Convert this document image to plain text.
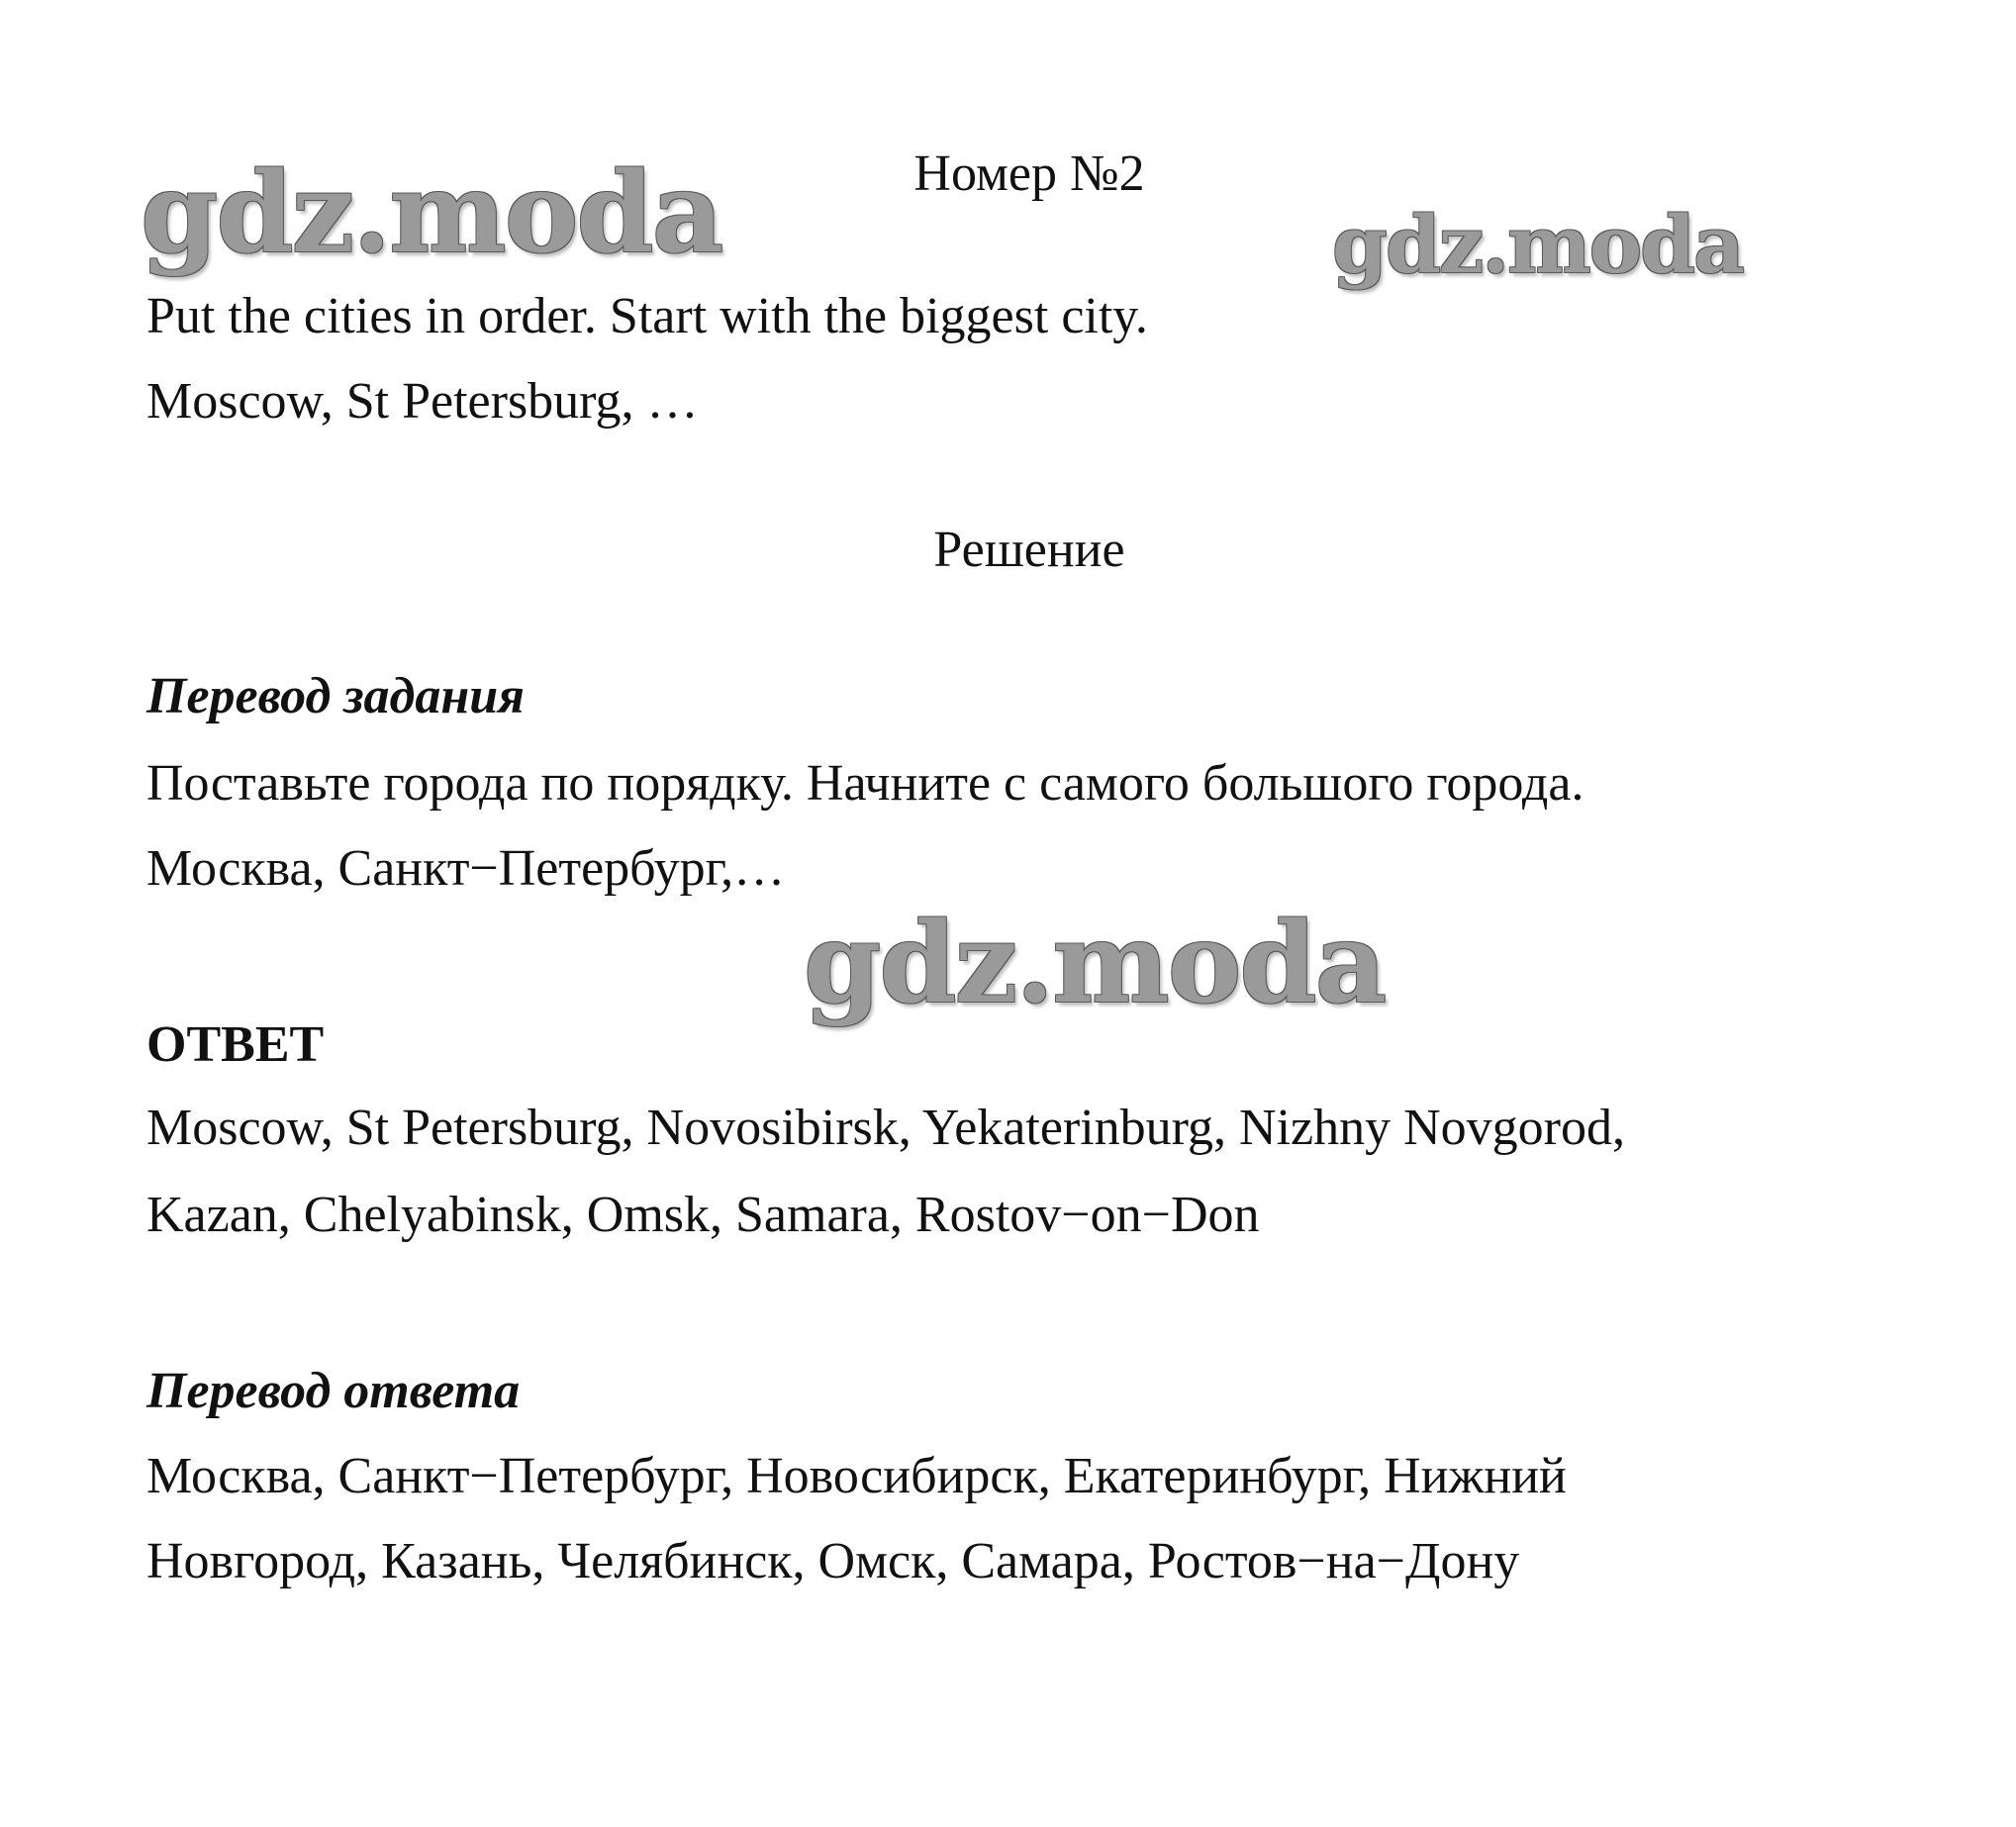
gdz.moda	gdz.moda
gdz.moda
Номер №2
Put the cities in order. Start with the biggest city.
Moscow, St Petersburg, …
Решение
Перевод задания
Поставьте города по порядку. Начните с самого большого города.
Москва, Санкт−Петербург,…
ОТВЕТ
Moscow, St Petersburg, Novosibirsk, Yekaterinburg, Nizhny Novgorod,
Kazan, Chelyabinsk, Omsk, Samara, Rostov−on−Don
Перевод ответа
Москва, Санкт−Петербург, Новосибирск, Екатеринбург, Нижний
Новгород, Казань, Челябинск, Омск, Самара, Ростов−на−Дону
